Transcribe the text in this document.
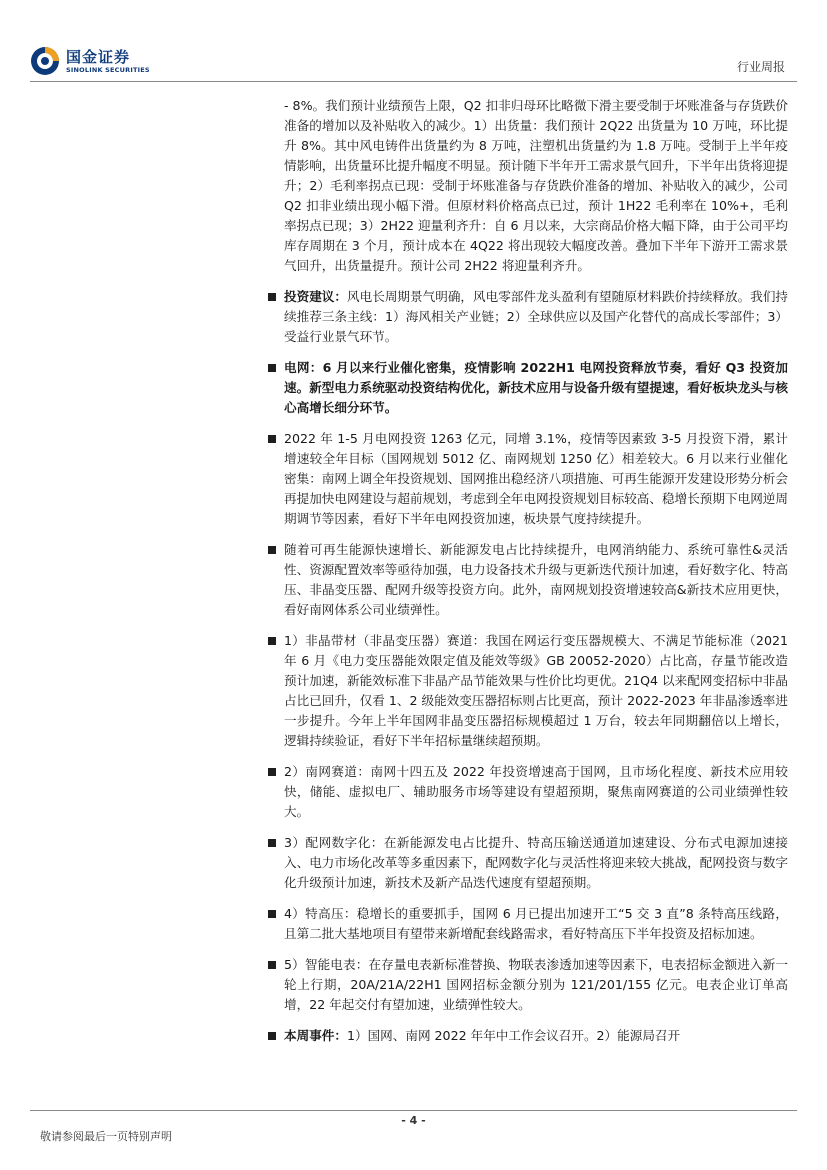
国金证券
SINOLINK SECURITIES	行业周报

- 8%。我们预计业绩预告上限，Q2 扣非归母环比略微下滑主要受制于坏账准备与存货跌价准备的增加以及补贴收入的减少。1）出货量：我们预计 2Q22 出货量为 10 万吨，环比提升 8%。其中风电铸件出货量约为 8 万吨，注塑机出货量约为 1.8 万吨。受制于上半年疫情影响，出货量环比提升幅度不明显。预计随下半年开工需求景气回升，下半年出货将迎提升；2）毛利率拐点已现：受制于坏账准备与存货跌价准备的增加、补贴收入的减少，公司 Q2 扣非业绩出现小幅下滑。但原材料价格高点已过，预计 1H22 毛利率在 10%+，毛利率拐点已现；3）2H22 迎量利齐升：自 6 月以来，大宗商品价格大幅下降，由于公司平均库存周期在 3 个月，预计成本在 4Q22 将出现较大幅度改善。叠加下半年下游开工需求景气回升，出货量提升。预计公司 2H22 将迎量利齐升。

投资建议：风电长周期景气明确，风电零部件龙头盈利有望随原材料跌价持续释放。我们持续推荐三条主线：1）海风相关产业链；2）全球供应以及国产化替代的高成长零部件；3）受益行业景气环节。

电网：6 月以来行业催化密集，疫情影响 2022H1 电网投资释放节奏，看好 Q3 投资加速。新型电力系统驱动投资结构优化，新技术应用与设备升级有望提速，看好板块龙头与核心高增长细分环节。

2022 年 1-5 月电网投资 1263 亿元，同增 3.1%，疫情等因素致 3-5 月投资下滑，累计增速较全年目标（国网规划 5012 亿、南网规划 1250 亿）相差较大。6 月以来行业催化密集：南网上调全年投资规划、国网推出稳经济八项措施、可再生能源开发建设形势分析会再提加快电网建设与超前规划，考虑到全年电网投资规划目标较高、稳增长预期下电网逆周期调节等因素，看好下半年电网投资加速，板块景气度持续提升。

随着可再生能源快速增长、新能源发电占比持续提升，电网消纳能力、系统可靠性&灵活性、资源配置效率等亟待加强，电力设备技术升级与更新迭代预计加速，看好数字化、特高压、非晶变压器、配网升级等投资方向。此外，南网规划投资增速较高&新技术应用更快，看好南网体系公司业绩弹性。

1）非晶带材（非晶变压器）赛道：我国在网运行变压器规模大、不满足节能标准（2021 年 6 月《电力变压器能效限定值及能效等级》GB 20052-2020）占比高，存量节能改造预计加速，新能效标准下非晶产品节能效果与性价比均更优。21Q4 以来配网变招标中非晶占比已回升，仅看 1、2 级能效变压器招标则占比更高，预计 2022-2023 年非晶渗透率进一步提升。今年上半年国网非晶变压器招标规模超过 1 万台，较去年同期翻倍以上增长，逻辑持续验证，看好下半年招标量继续超预期。

2）南网赛道：南网十四五及 2022 年投资增速高于国网，且市场化程度、新技术应用较快，储能、虚拟电厂、辅助服务市场等建设有望超预期，聚焦南网赛道的公司业绩弹性较大。

3）配网数字化：在新能源发电占比提升、特高压输送通道加速建设、分布式电源加速接入、电力市场化改革等多重因素下，配网数字化与灵活性将迎来较大挑战，配网投资与数字化升级预计加速，新技术及新产品迭代速度有望超预期。

4）特高压：稳增长的重要抓手，国网 6 月已提出加速开工“5 交 3 直”8 条特高压线路，且第二批大基地项目有望带来新增配套线路需求，看好特高压下半年投资及招标加速。

5）智能电表：在存量电表新标准替换、物联表渗透加速等因素下，电表招标金额进入新一轮上行期，20A/21A/22H1 国网招标金额分别为 121/201/155 亿元。电表企业订单高增，22 年起交付有望加速，业绩弹性较大。

本周事件：1）国网、南网 2022 年年中工作会议召开。2）能源局召开

- 4 -
敬请参阅最后一页特别声明
